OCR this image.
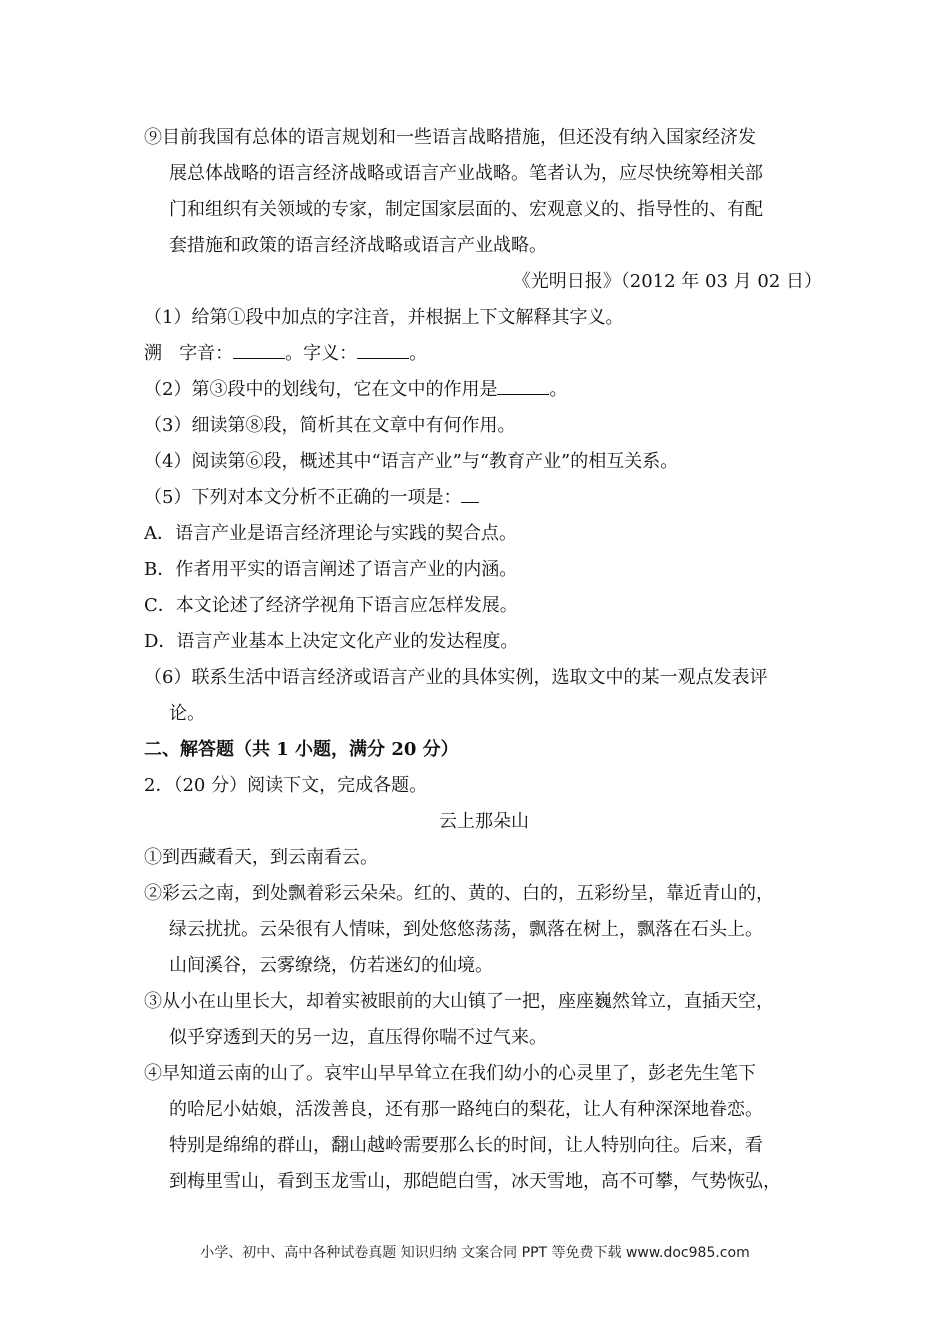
⑨目前我国有总体的语言规划和一些语言战略措施，但还没有纳入国家经济发
展总体战略的语言经济战略或语言产业战略。笔者认为，应尽快统筹相关部
门和组织有关领域的专家，制定国家层面的、宏观意义的、指导性的、有配
套措施和政策的语言经济战略或语言产业战略。
《光明日报》（2012 年 03 月 02 日）
（1）给第①段中加点的字注音，并根据上下文解释其字义。
溯 字音：	。字义：	。
（2）第③段中的划线句，它在文中的作用是	。
（3）细读第⑧段，简析其在文章中有何作用。
（4）阅读第⑥段，概述其中“语言产业”与“教育产业”的相互关系。
（5）下列对本文分析不正确的一项是：
A．语言产业是语言经济理论与实践的契合点。
B．作者用平实的语言阐述了语言产业的内涵。
C．本文论述了经济学视角下语言应怎样发展。
D．语言产业基本上决定文化产业的发达程度。
（6）联系生活中语言经济或语言产业的具体实例，选取文中的某一观点发表评
论。
二、解答题（共 1 小题，满分 20 分）
2．（20 分）阅读下文，完成各题。
云上那朵山
①到西藏看天，到云南看云。
②彩云之南，到处飘着彩云朵朵。红的、黄的、白的，五彩纷呈，靠近青山的，
绿云扰扰。云朵很有人情味，到处悠悠荡荡，飘落在树上，飘落在石头上。
山间溪谷，云雾缭绕，仿若迷幻的仙境。
③从小在山里长大，却着实被眼前的大山镇了一把，座座巍然耸立，直插天空，
似乎穿透到天的另一边，直压得你喘不过气来。
④早知道云南的山了。哀牢山早早耸立在我们幼小的心灵里了，彭老先生笔下
的哈尼小姑娘，活泼善良，还有那一路纯白的梨花，让人有种深深地眷恋。
特别是绵绵的群山，翻山越岭需要那么长的时间，让人特别向往。后来，看
到梅里雪山，看到玉龙雪山，那皑皑白雪，冰天雪地，高不可攀，气势恢弘，
小学、初中、高中各种试卷真题 知识归纳 文案合同 PPT 等免费下载 www.doc985.com
